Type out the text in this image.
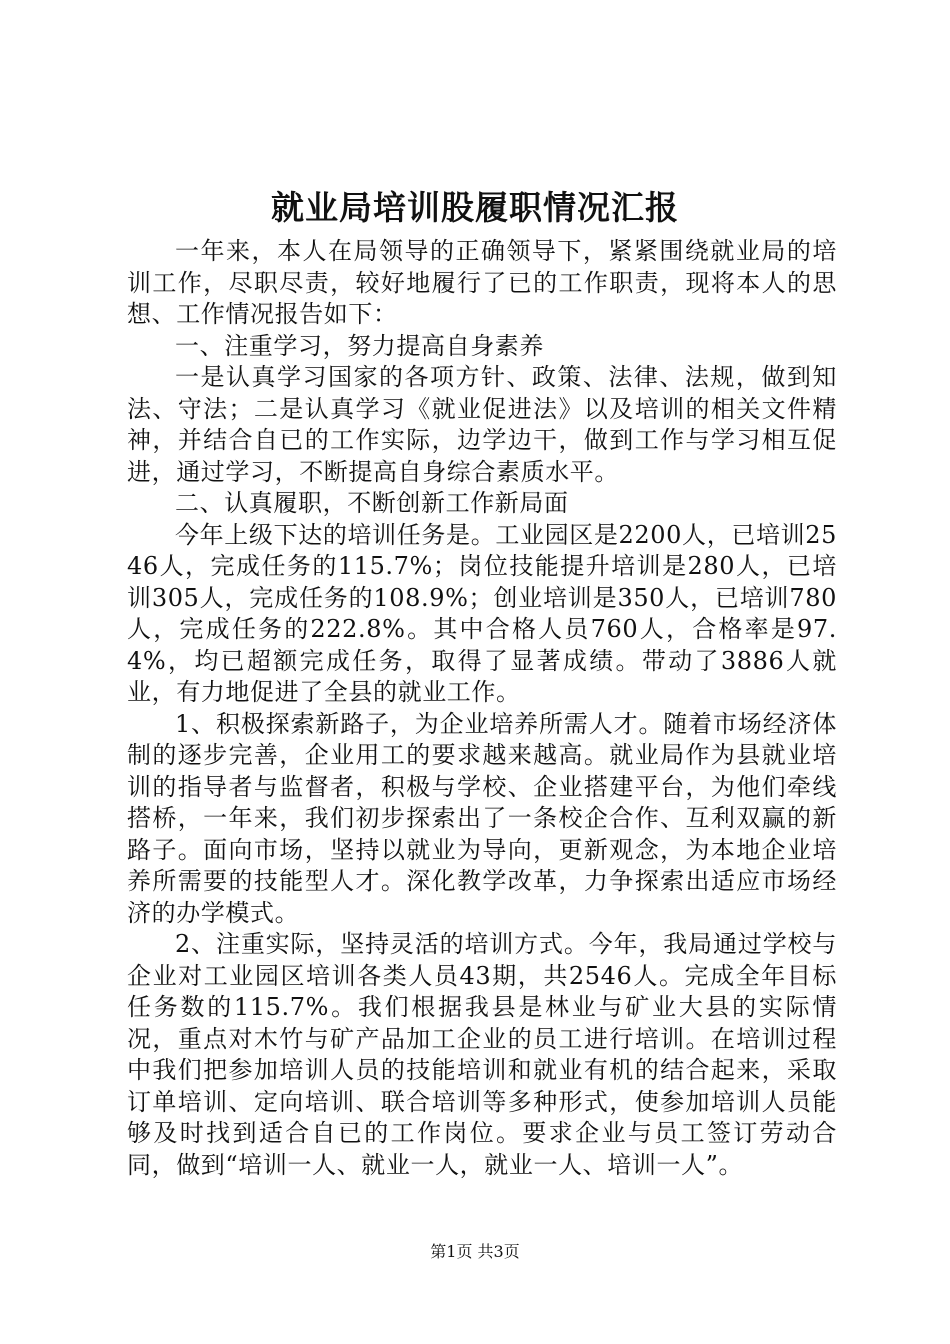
就业局培训股履职情况汇报

一年来，本人在局领导的正确领导下，紧紧围绕就业局的培训工作，尽职尽责，较好地履行了已的工作职责，现将本人的思想、工作情况报告如下：

一、注重学习，努力提高自身素养

一是认真学习国家的各项方针、政策、法律、法规，做到知法、守法；二是认真学习《就业促进法》以及培训的相关文件精神，并结合自已的工作实际，边学边干，做到工作与学习相互促进，通过学习，不断提高自身综合素质水平。

二、认真履职，不断创新工作新局面

今年上级下达的培训任务是。工业园区是2200人，已培训2546人，完成任务的115.7%；岗位技能提升培训是280人，已培训305人，完成任务的108.9%；创业培训是350人，已培训780人，完成任务的222.8%。其中合格人员760人，合格率是97.4%，均已超额完成任务，取得了显著成绩。带动了3886人就业，有力地促进了全县的就业工作。

1、积极探索新路子，为企业培养所需人才。随着市场经济体制的逐步完善，企业用工的要求越来越高。就业局作为县就业培训的指导者与监督者，积极与学校、企业搭建平台，为他们牵线搭桥，一年来，我们初步探索出了一条校企合作、互利双赢的新路子。面向市场，坚持以就业为导向，更新观念，为本地企业培养所需要的技能型人才。深化教学改革，力争探索出适应市场经济的办学模式。

2、注重实际，坚持灵活的培训方式。今年，我局通过学校与企业对工业园区培训各类人员43期，共2546人。完成全年目标任务数的115.7%。我们根据我县是林业与矿业大县的实际情况，重点对木竹与矿产品加工企业的员工进行培训。在培训过程中我们把参加培训人员的技能培训和就业有机的结合起来，采取订单培训、定向培训、联合培训等多种形式，使参加培训人员能够及时找到适合自已的工作岗位。要求企业与员工签订劳动合同，做到“培训一人、就业一人，就业一人、培训一人”。

第1页 共3页
